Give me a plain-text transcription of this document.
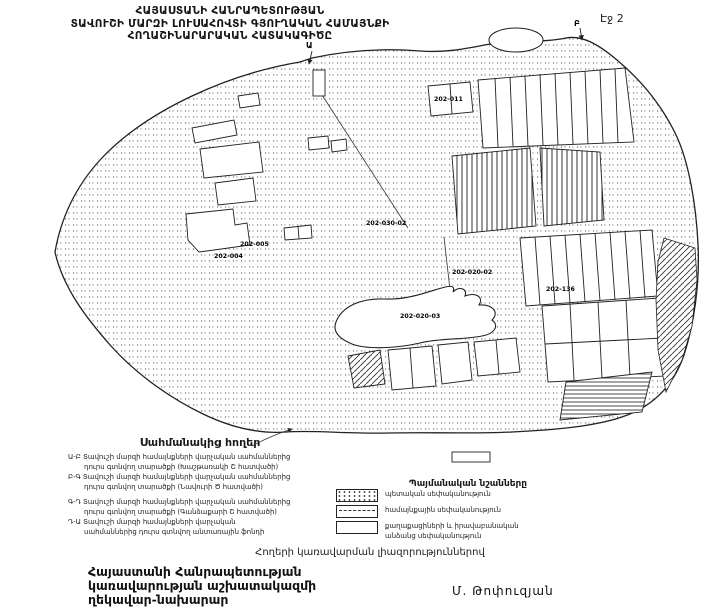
202-011
202-030-02
202-005
202-004
202-020-02
202-136
202-020-03
Ա
Բ
ՀԱՅԱՍՏԱՆԻ ՀԱՆՐԱՊԵՏՈՒԹՅԱՆ
ՏԱՎՈՒՇԻ ՄԱՐԶԻ ԼՈՒՍԱՀՈՎՏԻ ԳՅՈՒՂԱԿԱՆ ՀԱՄԱՅՆՔԻ
ՀՈՂԱՇԻՆԱՐԱՐԱԿԱՆ ՀԱՏԱԿԱԳԻԾԸ
Էջ 2
Սահմանակից հողեր
Ա-Բ Տավուշի մարզի համայնքների վարչական սահմաններից
դուրս գտնվող տարածքի (Խաշթառակի Շ հատվածի)
Բ-Գ Տավուշի մարզի համայնքների վարչական սահմաններից
դուրս գտնվող տարածքի (Նավուրի Ծ հատվածի)
Գ-Դ Տավուշի մարզի համայնքների վարչական սահմաններից
դուրս գտնվող տարածքի (Գանձաքարի Շ հատվածի)
Դ-Ա Տավուշի մարզի համայնքների վարչական
սահմաններից դուրս գտնվող անտառային ֆոնդի
Պայմանական նշանները
պետական սեփականություն
համայնքային սեփականություն
քաղաքացիների և իրավաբանական
անձանց սեփականություն
Հողերի կառավարման լիազորություններով
Հայաստանի Հանրապետության
կառավարության աշխատակազմի
ղեկավար-նախարար
Մ. Թոփուզյան
